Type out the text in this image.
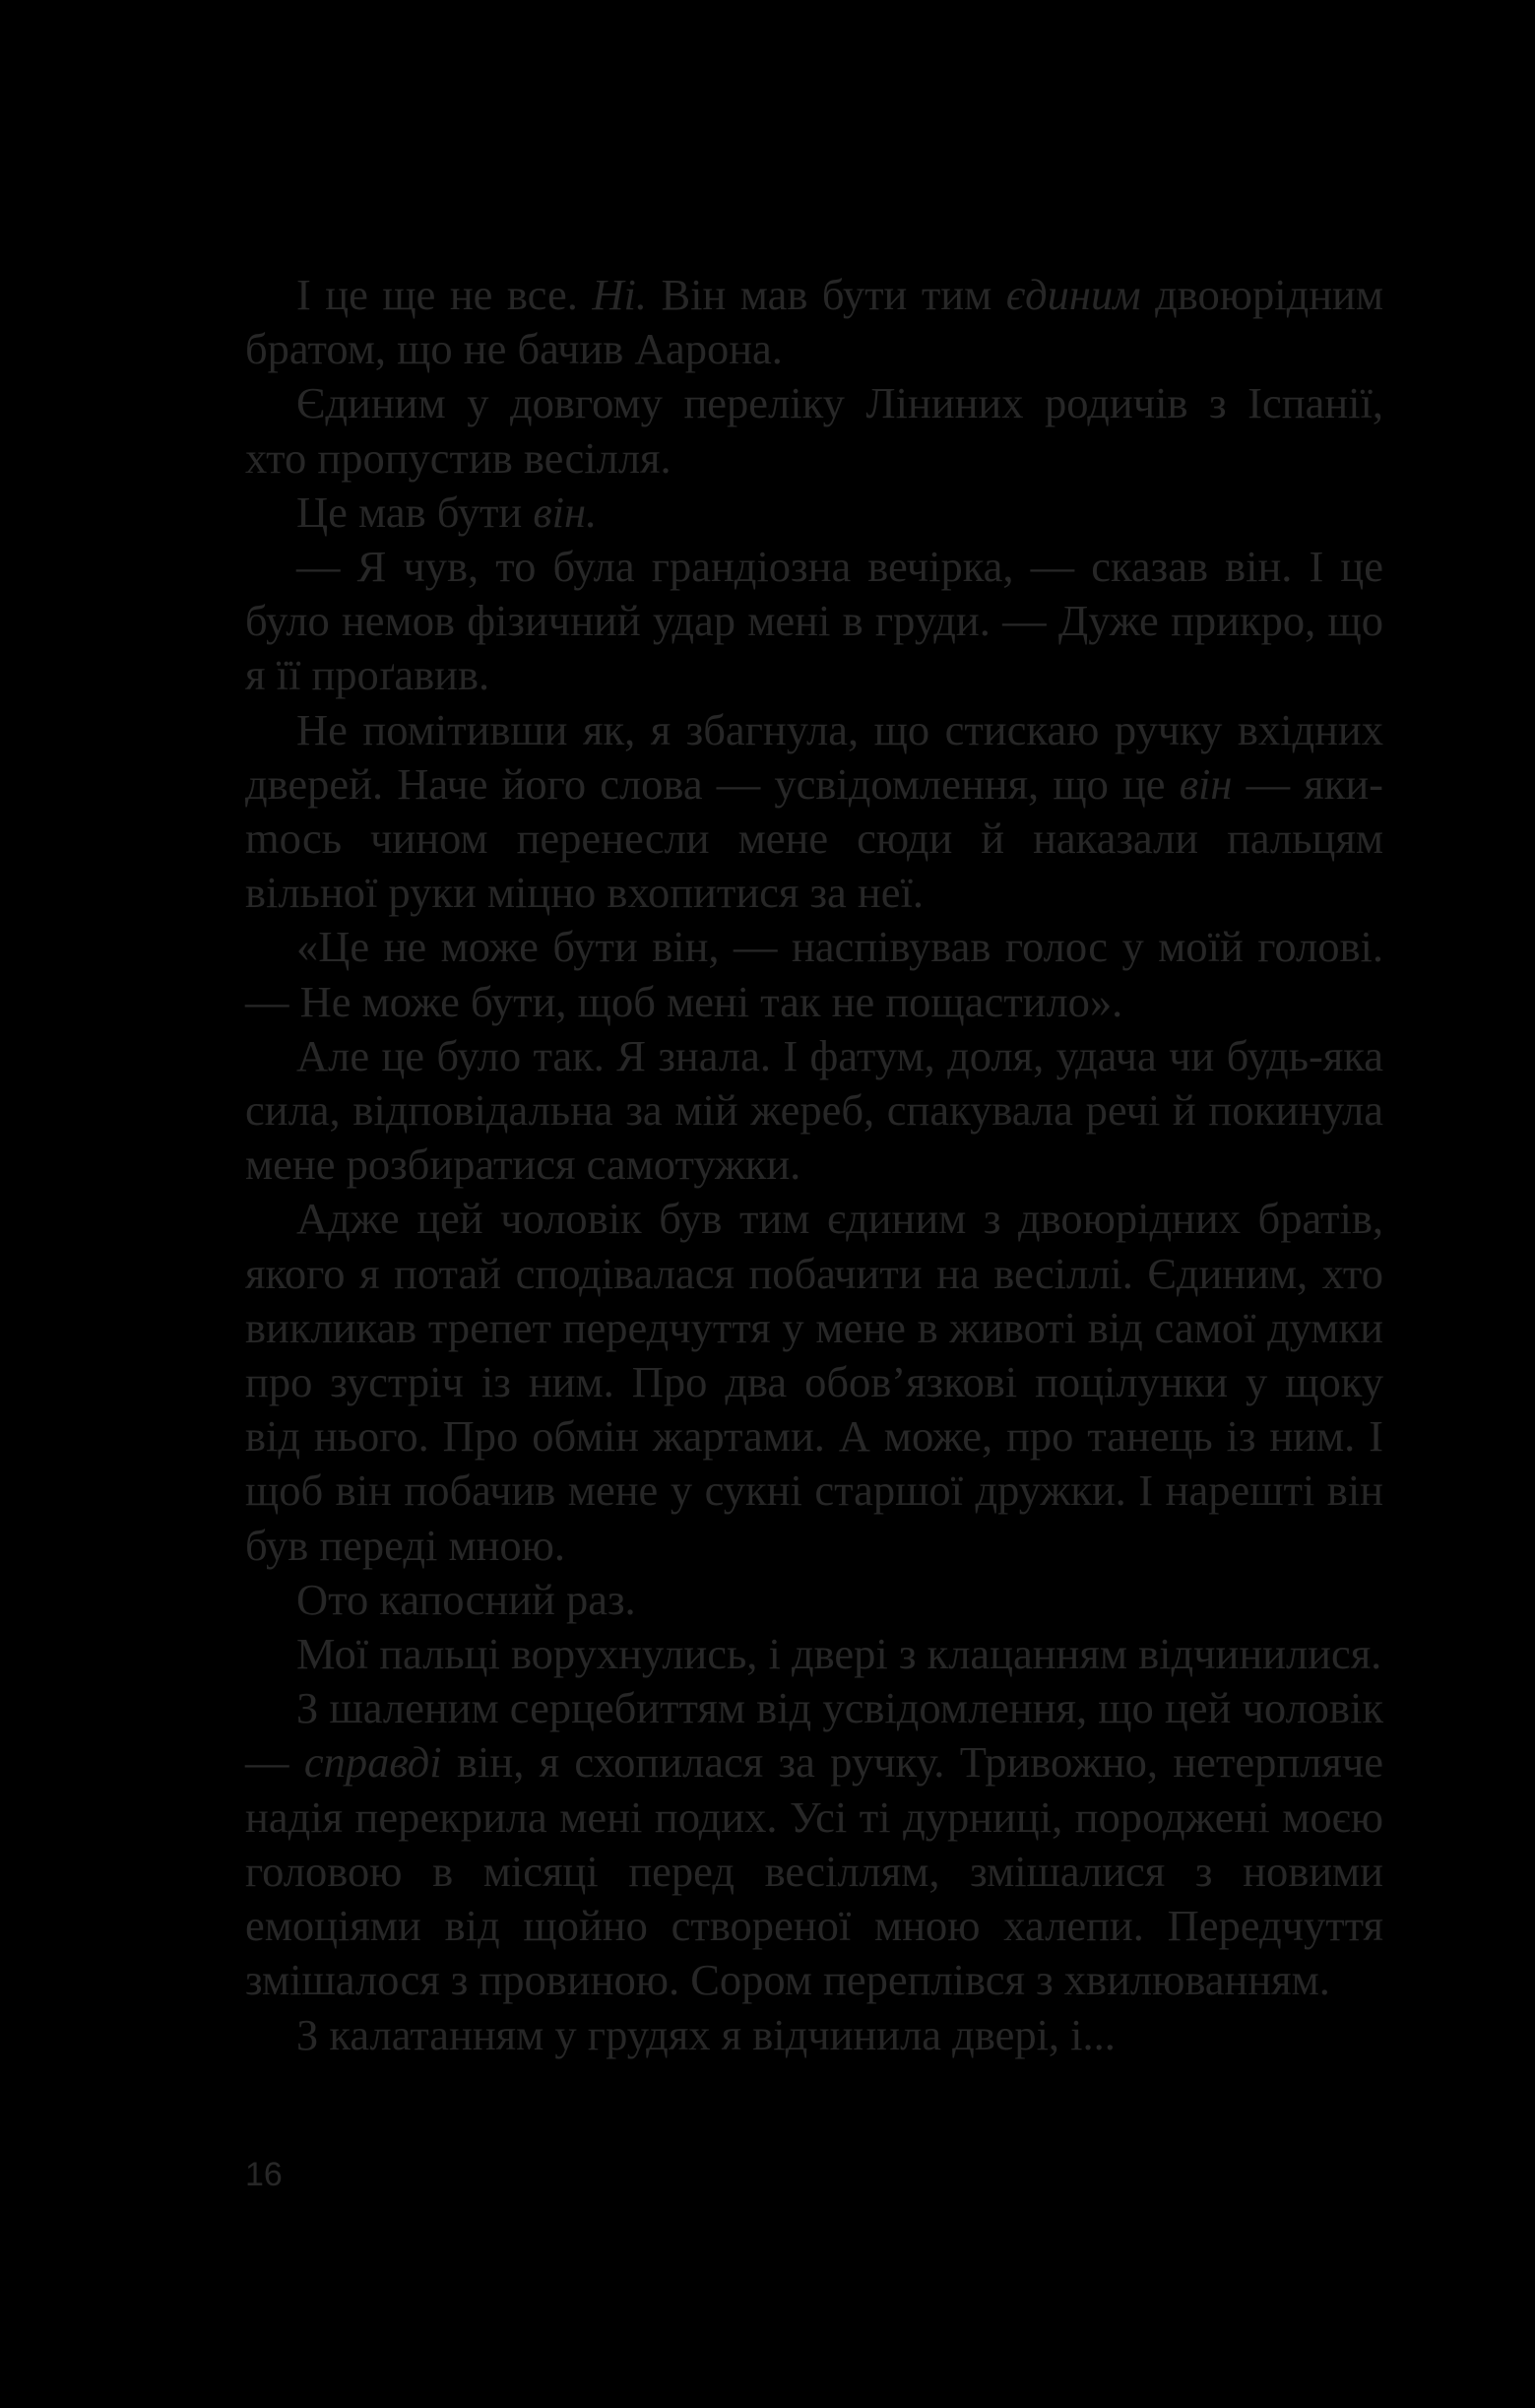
І це ще не все. Ні. Він мав бути тим єдиним двоюрідним братом, що не бачив Аарона.

Єдиним у довгому переліку Ліниних родичів з Іспанії, хто пропустив весілля.

Це мав бути він.

— Я чув, то була грандіозна вечірка, — сказав він. І це було немов фізичний удар мені в груди. — Дуже прикро, що я її проґавив.

Не помітивши як, я збагнула, що стискаю ручку вхідних дверей. Наче його слова — усвідомлення, що це він — якиmось чином перенесли мене сюди й наказали пальцям вільної руки міцно вхопитися за неї.

«Це не може бути він, — наспівував голос у моїй голові. — Не може бути, щоб мені так не пощастило».

Але це було так. Я знала. І фатум, доля, удача чи будь-яка сила, відповідальна за мій жереб, спакувала речі й покинула мене розбиратися самотужки.

Адже цей чоловік був тим єдиним з двоюрідних братів, якого я потай сподівалася побачити на весіллі. Єдиним, хто викликав трепет передчуття у мене в животі від самої думки про зустріч із ним. Про два обов’язкові поцілунки у щоку від нього. Про обмін жартами. А може, про танець із ним. І щоб він побачив мене у сукні старшої дружки. І нарешті він був переді мною.

Ото капосний раз.

Мої пальці ворухнулись, і двері з клацанням відчинилися.

З шаленим серцебиттям від усвідомлення, що цей чоловік — справді він, я схопилася за ручку. Тривожно, нетерпляче надія перекрила мені подих. Усі ті дурниці, породжені моєю головою в місяці перед весіллям, змішалися з новими емоціями від щойно створеної мною халепи. Передчуття змішалося з провиною. Сором переплівся з хвилюванням.

З калатанням у грудях я відчинила двері, і...

16
